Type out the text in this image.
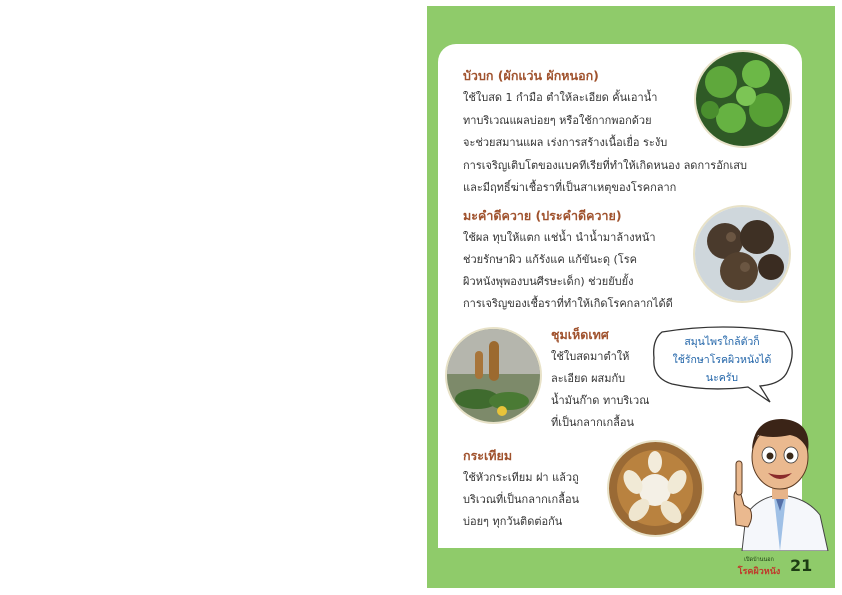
บัวบก (ผักแว่น ผักหนอก)
ใช้ใบสด 1 กำมือ ตำให้ละเอียด คั้นเอาน้ำ
ทาบริเวณแผลบ่อยๆ หรือใช้กากพอกด้วย
จะช่วยสมานแผล เร่งการสร้างเนื้อเยื่อ ระงับ
การเจริญเติบโตของแบคทีเรียที่ทำให้เกิดหนอง ลดการอักเสบ
และมีฤทธิ์ฆ่าเชื้อราที่เป็นสาเหตุของโรคกลาก
มะคำดีควาย (ประคำดีควาย)
ใช้ผล ทุบให้แตก แช่น้ำ นำน้ำมาล้างหน้า
ช่วยรักษาผิว แก้รังแค แก้ขันะดุ (โรค
ผิวหนังพุพองบนศีรษะเด็ก) ช่วยยับยั้ง
การเจริญของเชื้อราที่ทำให้เกิดโรคกลากได้ดี
ชุมเห็ดเทศ
ใช้ใบสดมาตำให้
ละเอียด ผสมกับ
น้ำมันก๊าด ทาบริเวณ
ที่เป็นกลากเกลื้อน
สมุนไพรใกล้ตัวก็
ใช้รักษาโรคผิวหนังได้
นะครับ
กระเทียม
ใช้หัวกระเทียม ฝา แล้วถู
บริเวณที่เป็นกลากเกลื้อน
บ่อยๆ ทุกวันติดต่อกัน
เปิดบ้านนอก
โรคผิวหนัง 21
